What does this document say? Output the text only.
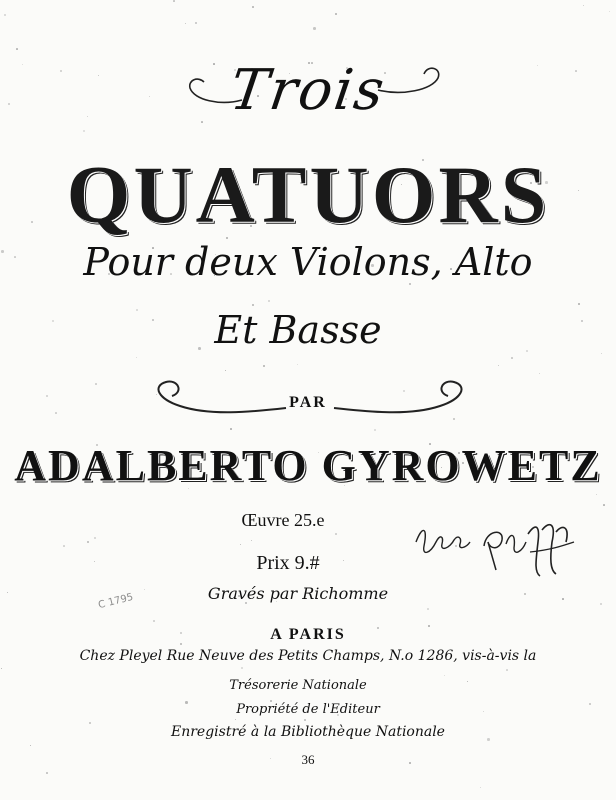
Trois
QUATUORS
Pour deux Violons, Alto
Et Basse
PAR
ADALBERTO GYROWETZ
Œuvre 25.e
Prix 9.#
Gravés par Richomme
C 1795
A PARIS
Chez Pleyel Rue Neuve des Petits Champs, N.o 1286, vis-à-vis la
Trésorerie Nationale
Propriété de l'Editeur
Enregistré à la Bibliothèque Nationale
36
